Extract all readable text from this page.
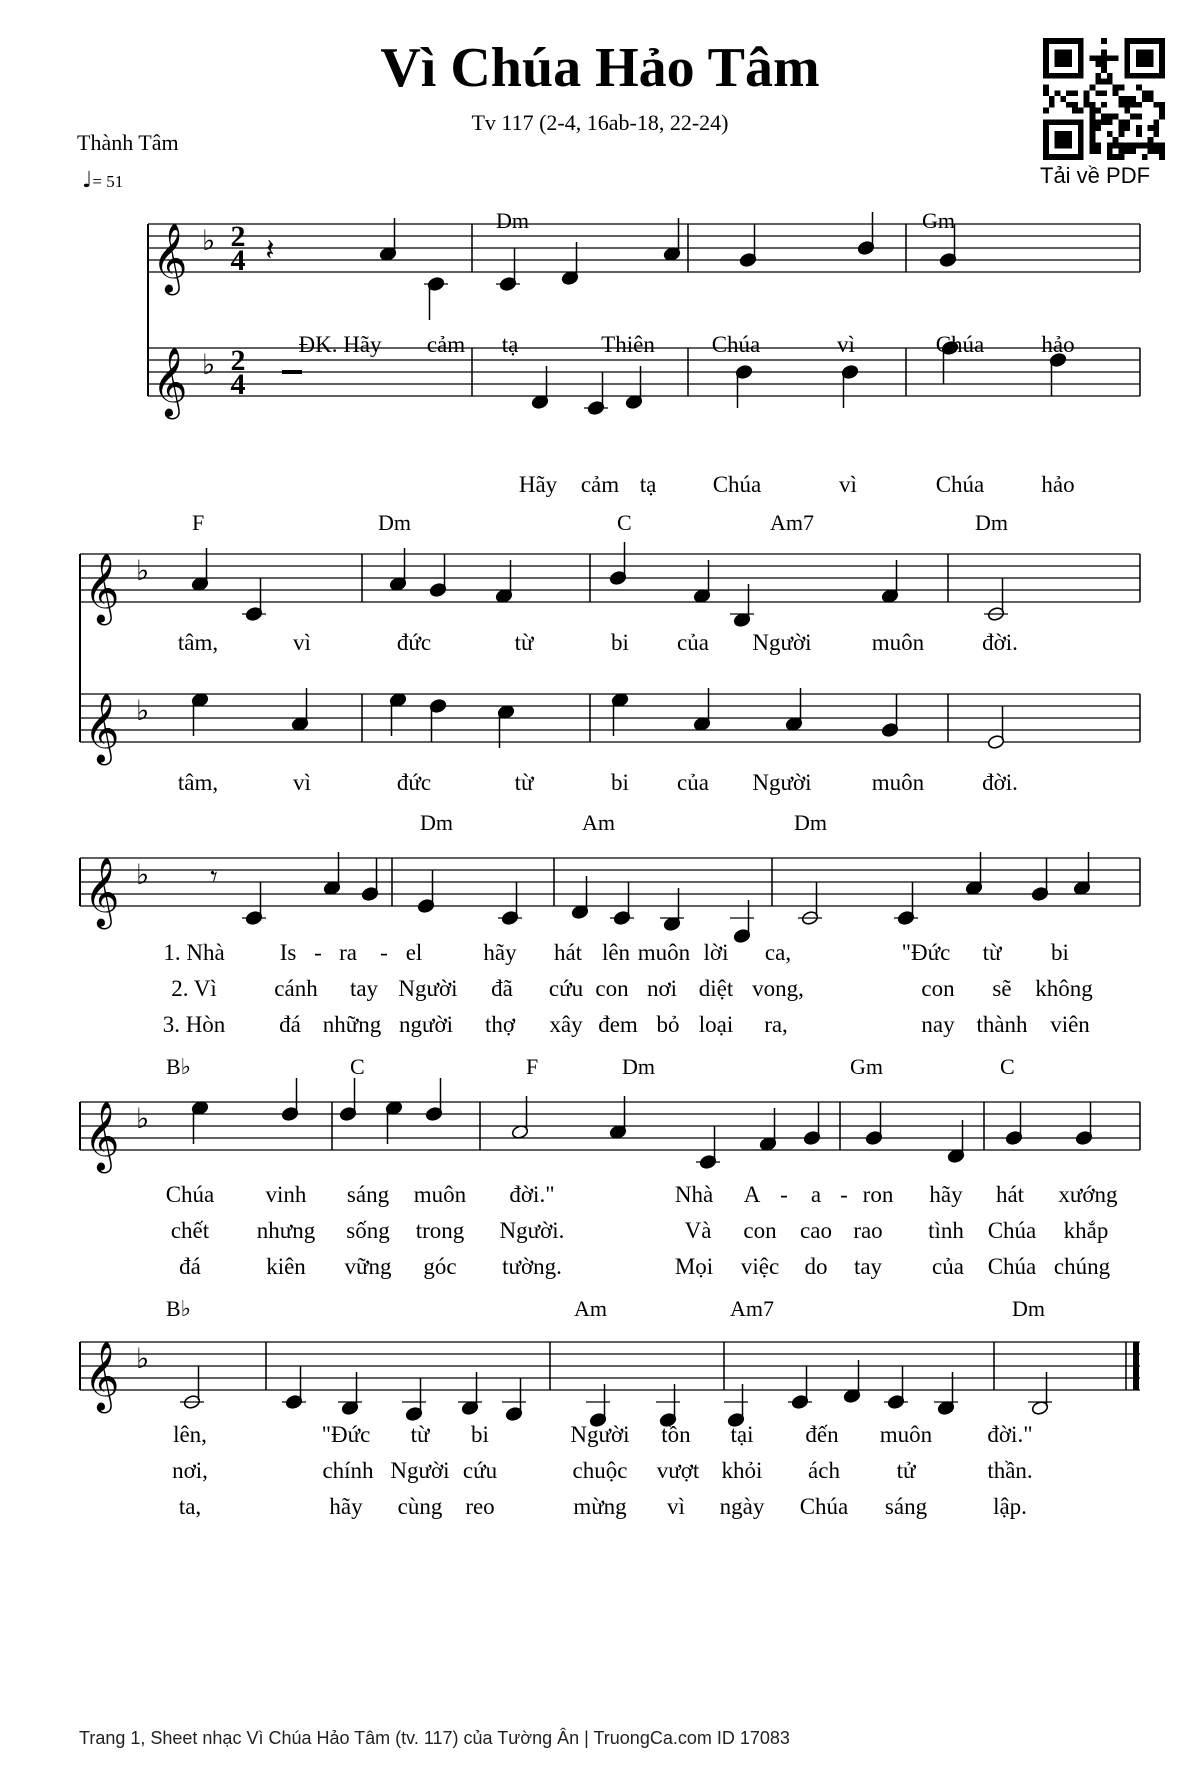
Vì Chúa Hảo Tâm
Tv 117 (2-4, 16ab-18, 22-24)
Thành Tâm
♩= 51	Tải về PDF
𝄞
𝄞
♭
♭
2
4
2
4
Dm	Gm
𝄽
ĐK. Hãy cảm tạ	Thiên Chúa	vì	Chúa hảo
Hãy cảm tạ Chúa	vì	Chúa hảo
𝄞
𝄞
♭
♭
F	Dm	C	Am7	Dm
tâm,	vì	đức	từ	bi của Người	muôn	đời.
tâm,	vì	đức	từ	bi của Người	muôn	đời.
𝄞 ♭
Dm	Am	Dm
𝄾
1. Nhà Is - ra - el	hãy hát lên muôn lời ca,	"Đức từ bi
2. Vì cánh tay Người đã cứu con nơi diệt vong,	con sẽ không
3. Hòn đá những người thợ xây đem bỏ loại ra,	nay thành viên
𝄞 ♭
B♭	C	F	Dm	Gm	C
Chúa vinh sáng muôn đời."	Nhà A - a - ron hãy hát xướng
chết nhưng sống trong Người.	Và con cao rao tình Chúa khắp
đá	kiên vững góc tường.	Mọi việc do tay của Chúa chúng
𝄞 ♭
B♭	Am	Am7	Dm
lên,	"Đức từ bi	Người tồn tại đến muôn đời."
nơi,	chính Người cứu	chuộc vượt khỏi ách tử	thần.
ta,	hãy cùng reo	mừng vì ngày Chúa sáng	lập.
Trang 1, Sheet nhạc Vì Chúa Hảo Tâm (tv. 117) của Tường Ân | TruongCa.com ID 17083
